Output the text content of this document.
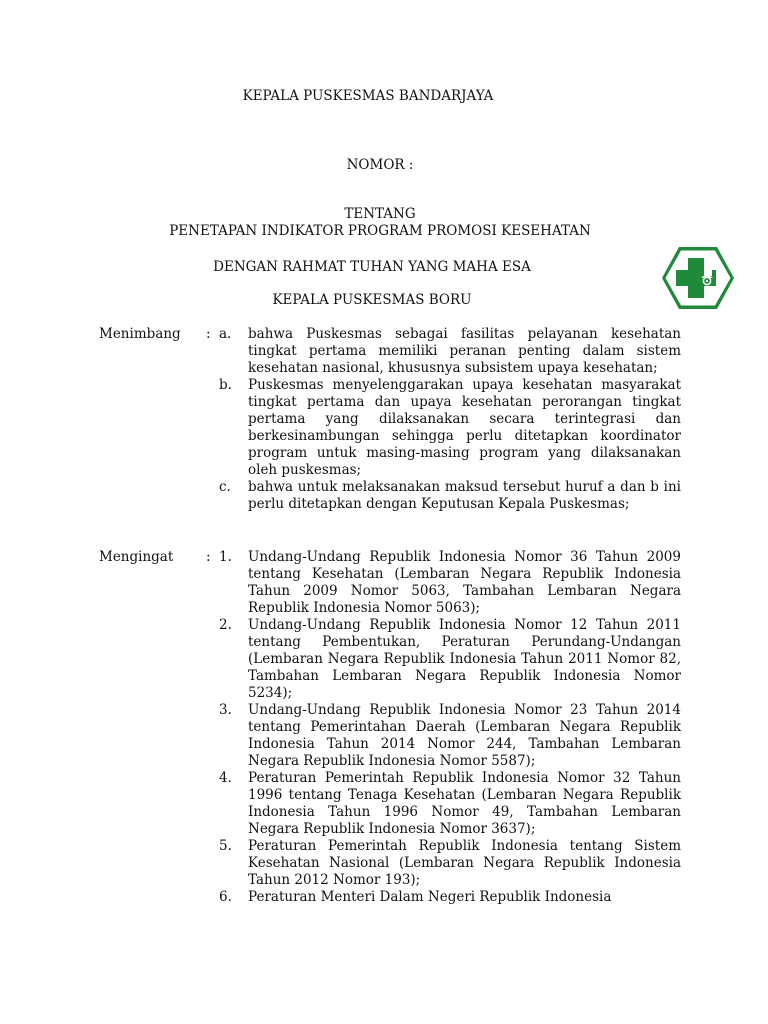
KEPALA PUSKESMAS BANDARJAYA
NOMOR :
TENTANG
PENETAPAN INDIKATOR PROGRAM PROMOSI KESEHATAN
DENGAN RAHMAT TUHAN YANG MAHA ESA
KEPALA PUSKESMAS BORU
Menimbang : a.	bahwa Puskesmas sebagai fasilitas pelayanan kesehatan tingkat pertama memiliki peranan penting dalam sistem kesehatan nasional, khususnya subsistem upaya kesehatan;
b.	Puskesmas menyelenggarakan upaya kesehatan masyarakat tingkat pertama dan upaya kesehatan perorangan tingkat pertama yang dilaksanakan secara terintegrasi dan berkesinambungan sehingga perlu ditetapkan koordinator program untuk masing-masing program yang dilaksanakan oleh puskesmas;
c.	bahwa untuk melaksanakan maksud tersebut huruf a dan b ini perlu ditetapkan dengan Keputusan Kepala Puskesmas;
Mengingat : 1.	Undang-Undang Republik Indonesia Nomor 36 Tahun 2009 tentang Kesehatan (Lembaran Negara Republik Indonesia Tahun 2009 Nomor 5063, Tambahan Lembaran Negara Republik Indonesia Nomor 5063);
2.	Undang-Undang Republik Indonesia Nomor 12 Tahun 2011 tentang Pembentukan, Peraturan Perundang-Undangan (Lembaran Negara Republik Indonesia Tahun 2011 Nomor 82, Tambahan Lembaran Negara Republik Indonesia Nomor 5234);
3.	Undang-Undang Republik Indonesia Nomor 23 Tahun 2014 tentang Pemerintahan Daerah (Lembaran Negara Republik Indonesia Tahun 2014 Nomor 244, Tambahan Lembaran Negara Republik Indonesia Nomor 5587);
4.	Peraturan Pemerintah Republik Indonesia Nomor 32 Tahun 1996 tentang Tenaga Kesehatan (Lembaran Negara Republik Indonesia Tahun 1996 Nomor 49, Tambahan Lembaran Negara Republik Indonesia Nomor 3637);
5.	Peraturan Pemerintah Republik Indonesia tentang Sistem Kesehatan Nasional (Lembaran Negara Republik Indonesia Tahun 2012 Nomor 193);
6.	Peraturan Menteri Dalam Negeri Republik Indonesia
